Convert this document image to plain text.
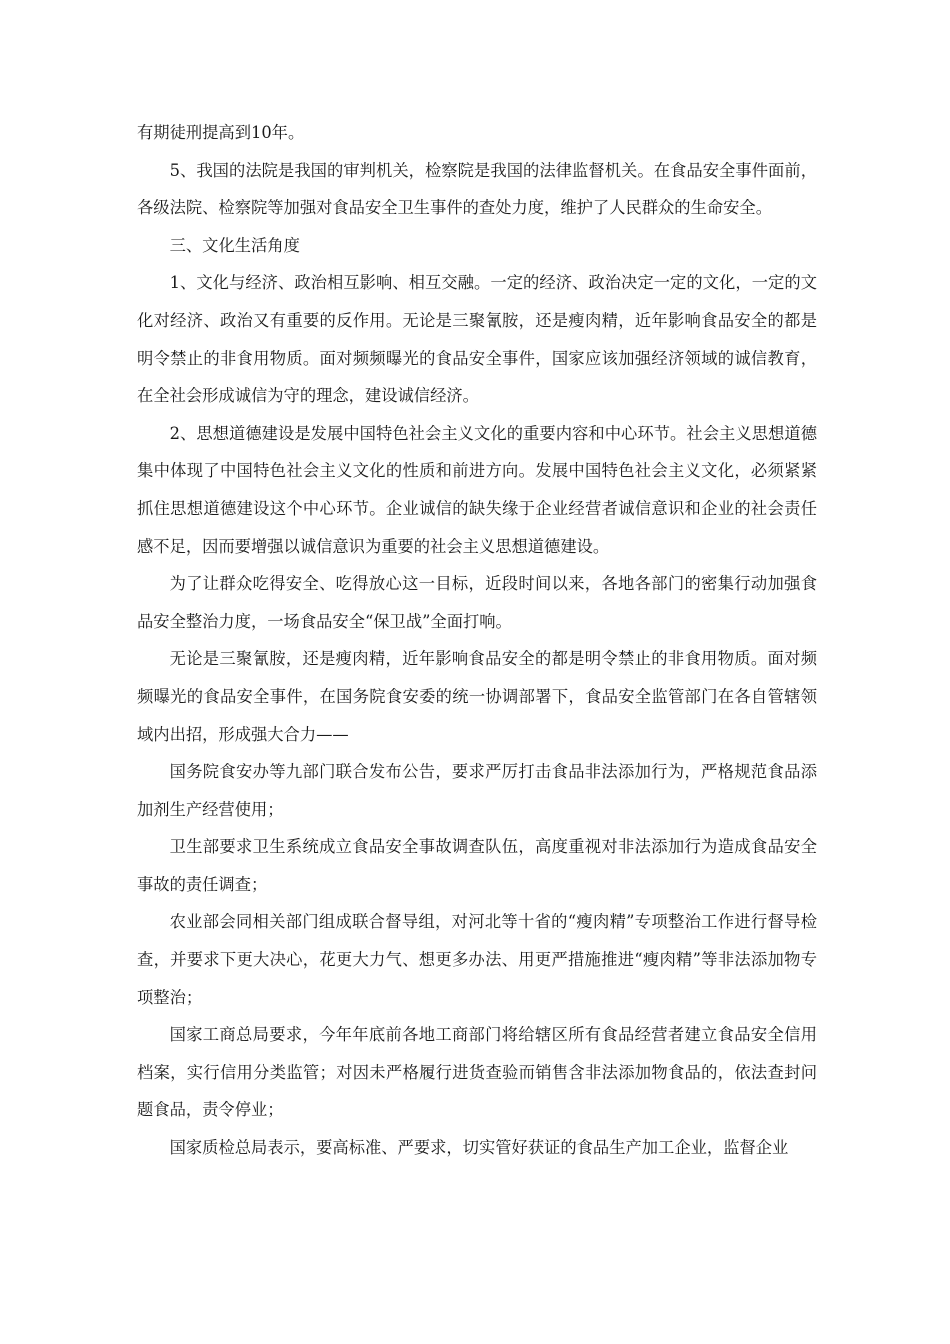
有期徒刑提高到10年。

5、我国的法院是我国的审判机关，检察院是我国的法律监督机关。在食品安全事件面前，各级法院、检察院等加强对食品安全卫生事件的查处力度，维护了人民群众的生命安全。

三、文化生活角度

1、文化与经济、政治相互影响、相互交融。一定的经济、政治决定一定的文化，一定的文化对经济、政治又有重要的反作用。无论是三聚氰胺，还是瘦肉精，近年影响食品安全的都是明令禁止的非食用物质。面对频频曝光的食品安全事件，国家应该加强经济领域的诚信教育，在全社会形成诚信为守的理念，建设诚信经济。

2、思想道德建设是发展中国特色社会主义文化的重要内容和中心环节。社会主义思想道德集中体现了中国特色社会主义文化的性质和前进方向。发展中国特色社会主义文化，必须紧紧抓住思想道德建设这个中心环节。企业诚信的缺失缘于企业经营者诚信意识和企业的社会责任感不足，因而要增强以诚信意识为重要的社会主义思想道德建设。

为了让群众吃得安全、吃得放心这一目标，近段时间以来，各地各部门的密集行动加强食品安全整治力度，一场食品安全“保卫战”全面打响。

无论是三聚氰胺，还是瘦肉精，近年影响食品安全的都是明令禁止的非食用物质。面对频频曝光的食品安全事件，在国务院食安委的统一协调部署下，食品安全监管部门在各自管辖领域内出招，形成强大合力——

国务院食安办等九部门联合发布公告，要求严厉打击食品非法添加行为，严格规范食品添加剂生产经营使用；

卫生部要求卫生系统成立食品安全事故调查队伍，高度重视对非法添加行为造成食品安全事故的责任调查；

农业部会同相关部门组成联合督导组，对河北等十省的“瘦肉精”专项整治工作进行督导检查，并要求下更大决心，花更大力气、想更多办法、用更严措施推进“瘦肉精”等非法添加物专项整治；

国家工商总局要求，今年年底前各地工商部门将给辖区所有食品经营者建立食品安全信用档案，实行信用分类监管；对因未严格履行进货查验而销售含非法添加物食品的，依法查封问题食品，责令停业；

国家质检总局表示，要高标准、严要求，切实管好获证的食品生产加工企业，监督企业
